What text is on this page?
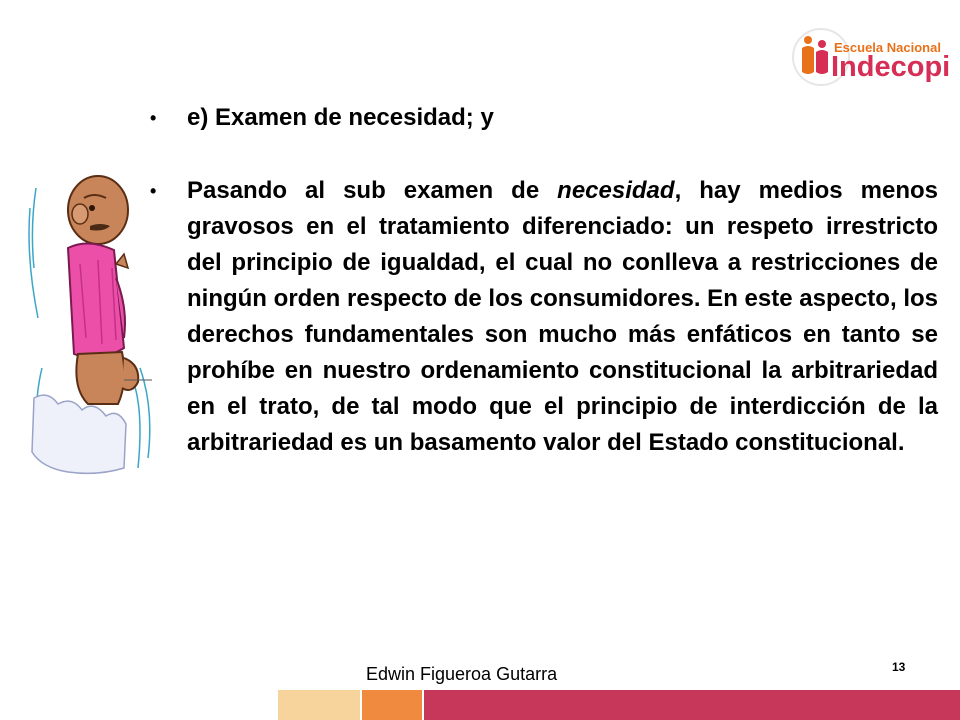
Escuela Nacional
Indecopi
• e) Examen de necesidad; y
• Pasando al sub examen de necesidad, hay medios menos gravosos en el tratamiento diferenciado: un respeto irrestricto del principio de igualdad, el cual no conlleva a restricciones de ningún orden respecto de los consumidores. En este aspecto, los derechos fundamentales son mucho más enfáticos en tanto se prohíbe en nuestro ordenamiento constitucional la arbitrariedad en el trato, de tal modo que el principio de interdicción de la arbitrariedad es un basamento valor del Estado constitucional.
Edwin Figueroa Gutarra	13
